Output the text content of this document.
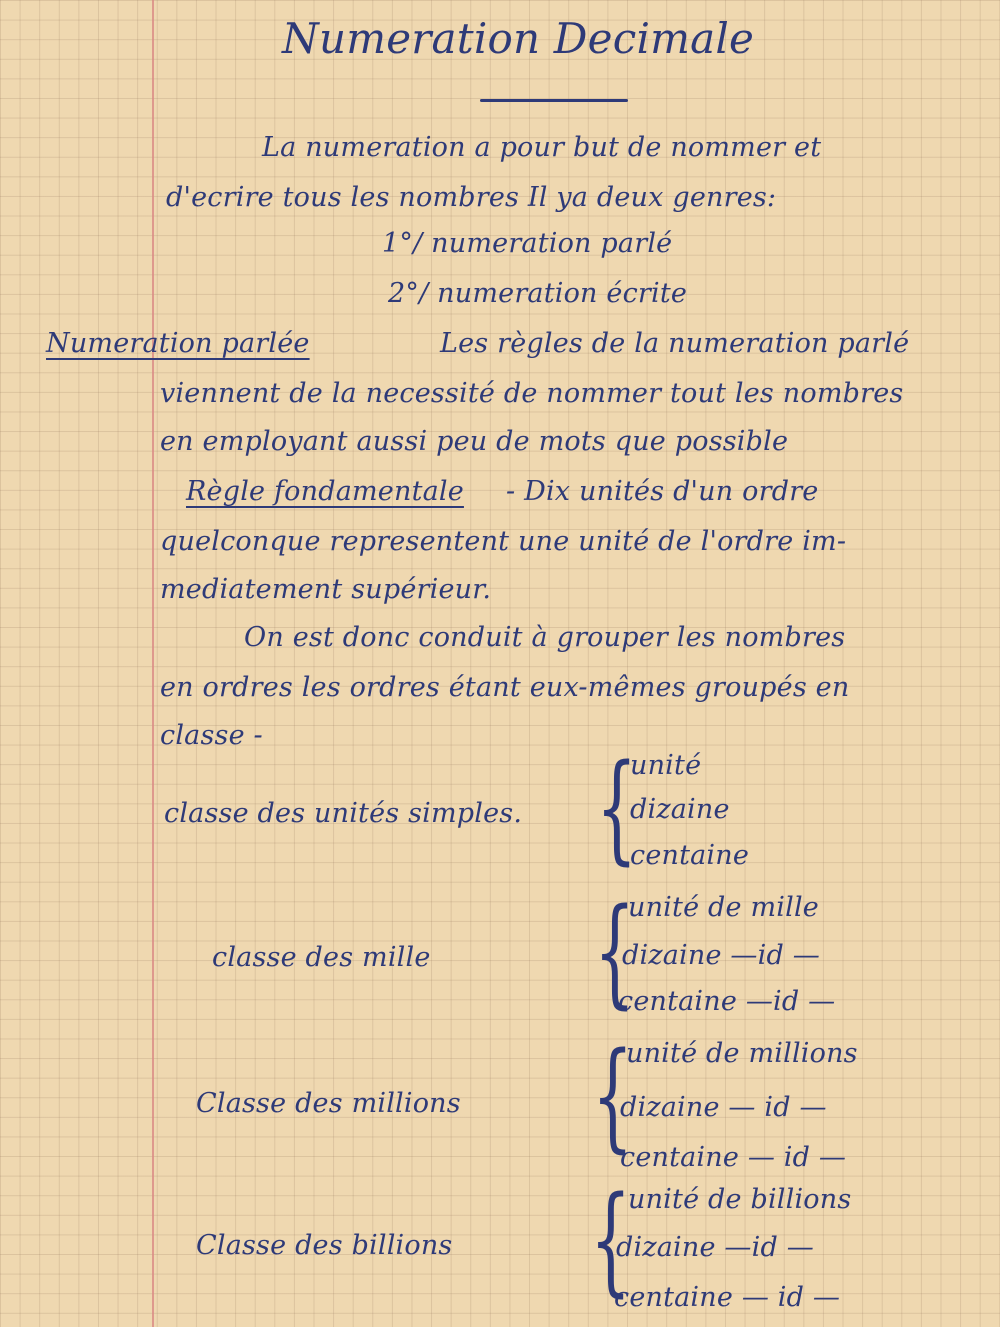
Numeration Decimale
La numeration a pour but de nommer et
d'ecrire tous les nombres Il ya deux genres:
1°/ numeration parlé
2°/ numeration écrite
Numeration parlée	Les règles de la numeration parlé
viennent de la necessité de nommer tout les nombres
en employant aussi peu de mots que possible
Règle fondamentale - Dix unités d'un ordre
quelconque representent une unité de l'ordre im-
mediatement supérieur.
On est donc conduit à grouper les nombres
en ordres les ordres étant eux-mêmes groupés en
classe -
classe des unités simples. {
unité
dizaine
centaine
classe des mille {
unité de mille
dizaine —id —
centaine —id —
Classe des millions {
unité de millions
dizaine — id —
centaine — id —
Classe des billions {
unité de billions
dizaine —id —
centaine — id —
